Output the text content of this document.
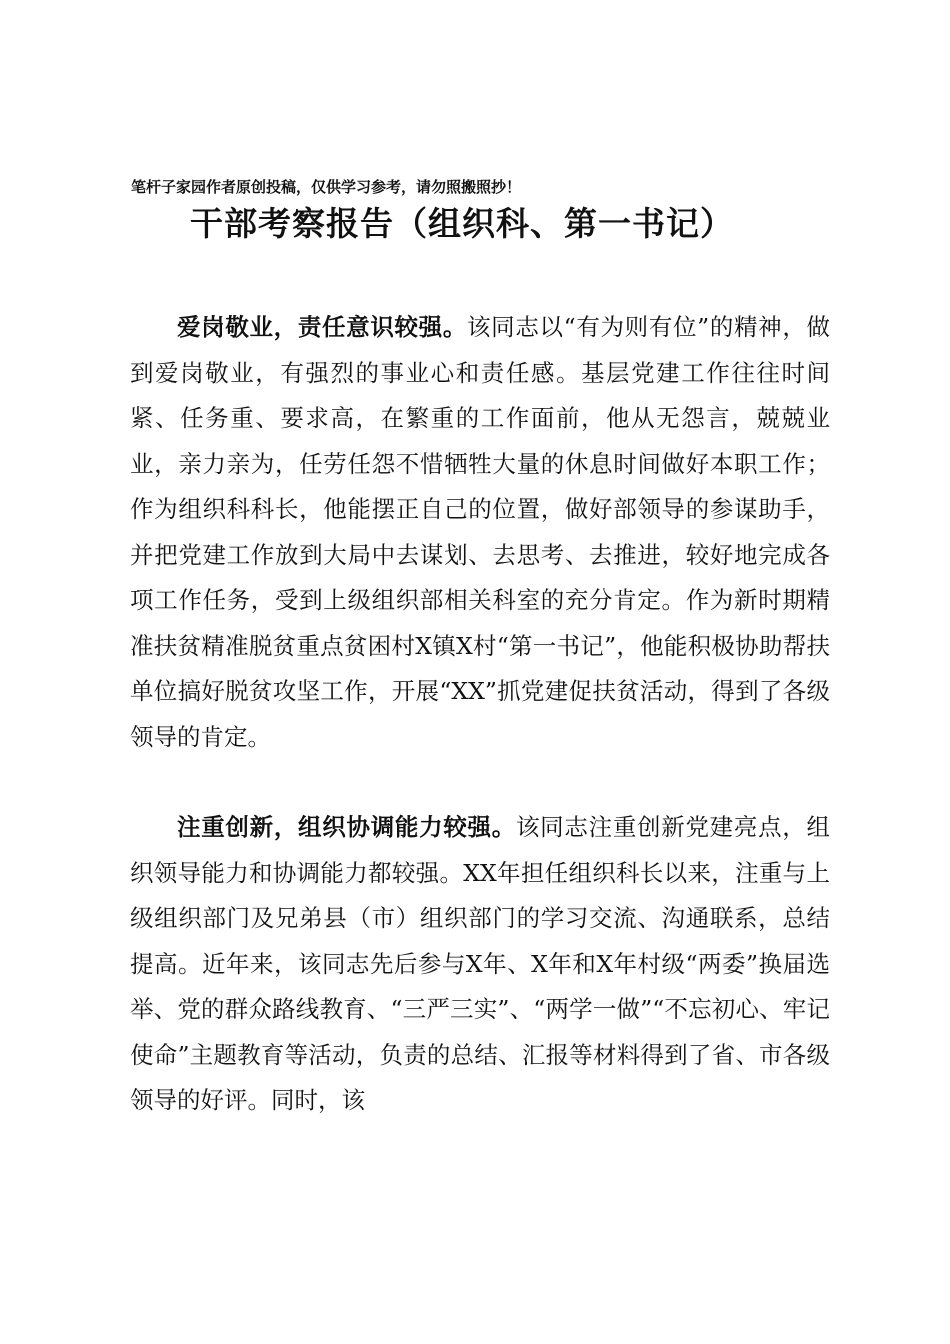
笔杆子家园作者原创投稿，仅供学习参考，请勿照搬照抄！
干部考察报告（组织科、第一书记）

爱岗敬业，责任意识较强。该同志以“有为则有位”的精神，做到爱岗敬业，有强烈的事业心和责任感。基层党建工作往往时间紧、任务重、要求高，在繁重的工作面前，他从无怨言，兢兢业业，亲力亲为，任劳任怨不惜牺牲大量的休息时间做好本职工作；作为组织科科长，他能摆正自己的位置，做好部领导的参谋助手，并把党建工作放到大局中去谋划、去思考、去推进，较好地完成各项工作任务，受到上级组织部相关科室的充分肯定。作为新时期精准扶贫精准脱贫重点贫困村X镇X村“第一书记”，他能积极协助帮扶单位搞好脱贫攻坚工作，开展“XX”抓党建促扶贫活动，得到了各级领导的肯定。

注重创新，组织协调能力较强。该同志注重创新党建亮点，组织领导能力和协调能力都较强。XX年担任组织科长以来，注重与上级组织部门及兄弟县（市）组织部门的学习交流、沟通联系，总结提高。近年来，该同志先后参与X年、X年和X年村级“两委”换届选举、党的群众路线教育、“三严三实”、“两学一做”“不忘初心、牢记使命”主题教育等活动，负责的总结、汇报等材料得到了省、市各级领导的好评。同时，该
